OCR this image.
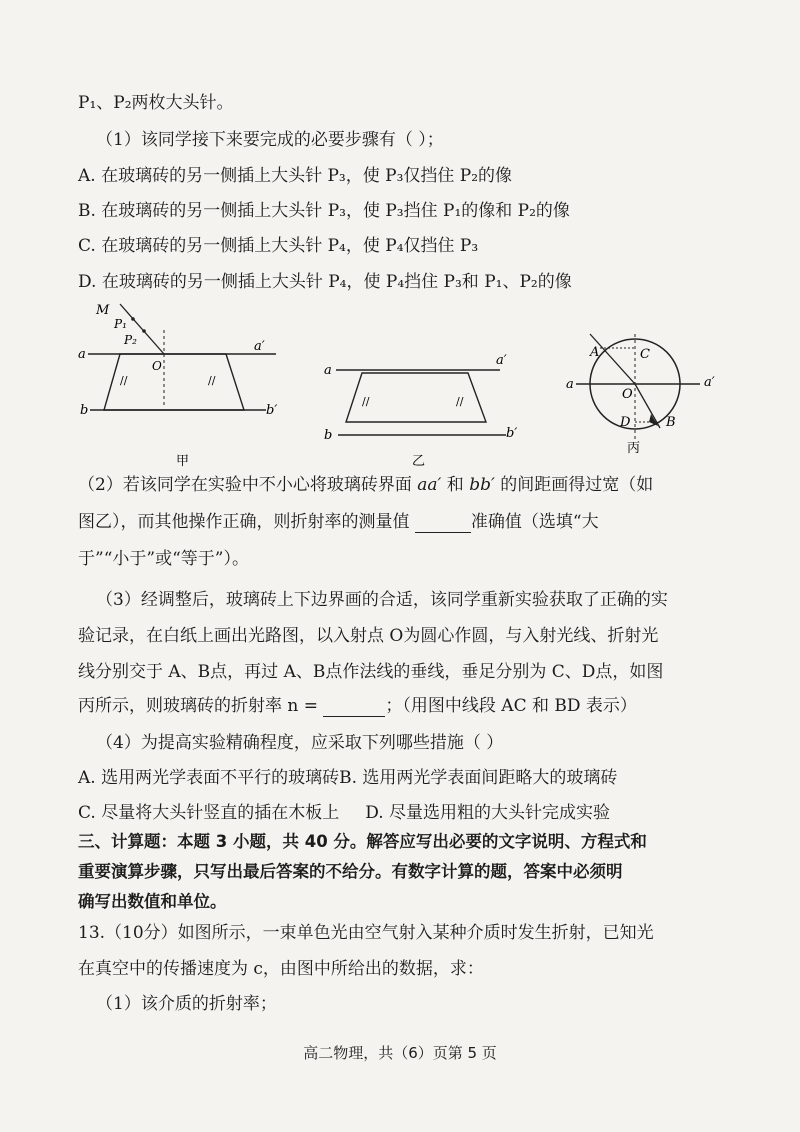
P₁、P₂两枚大头针。
（1）该同学接下来要完成的必要步骤有（ ）；
A. 在玻璃砖的另一侧插上大头针 P₃，使 P₃仅挡住 P₂的像
B. 在玻璃砖的另一侧插上大头针 P₃，使 P₃挡住 P₁的像和 P₂的像
C. 在玻璃砖的另一侧插上大头针 P₄，使 P₄仅挡住 P₃
D. 在玻璃砖的另一侧插上大头针 P₄，使 P₄挡住 P₃和 P₁、P₂的像
//	//
M
P₁
P₂
O
a
a′
b	b′
甲
//	//
a
a′
b	b′
乙
A	C
O
D	B
a	a′
丙
（2）若该同学在实验中不小心将玻璃砖界面 aa′ 和 bb′ 的间距画得过宽（如
图乙），而其他操作正确，则折射率的测量值	准确值（选填“大
于”“小于”或“等于”）。
（3）经调整后，玻璃砖上下边界画的合适，该同学重新实验获取了正确的实
验记录，在白纸上画出光路图，以入射点 O为圆心作圆，与入射光线、折射光
线分别交于 A、B点，再过 A、B点作法线的垂线，垂足分别为 C、D点，如图
丙所示，则玻璃砖的折射率 n =	；（用图中线段 AC 和 BD 表示）
（4）为提高实验精确程度，应采取下列哪些措施（ ）
A. 选用两光学表面不平行的玻璃砖B. 选用两光学表面间距略大的玻璃砖
C. 尽量将大头针竖直的插在木板上 D. 尽量选用粗的大头针完成实验
三、计算题：本题 3 小题，共 40 分。解答应写出必要的文字说明、方程式和
重要演算步骤，只写出最后答案的不给分。有数字计算的题，答案中必须明
确写出数值和单位。
13.（10分）如图所示，一束单色光由空气射入某种介质时发生折射，已知光
在真空中的传播速度为 c，由图中所给出的数据，求：
（1）该介质的折射率；
高二物理，共（6）页第 5 页
